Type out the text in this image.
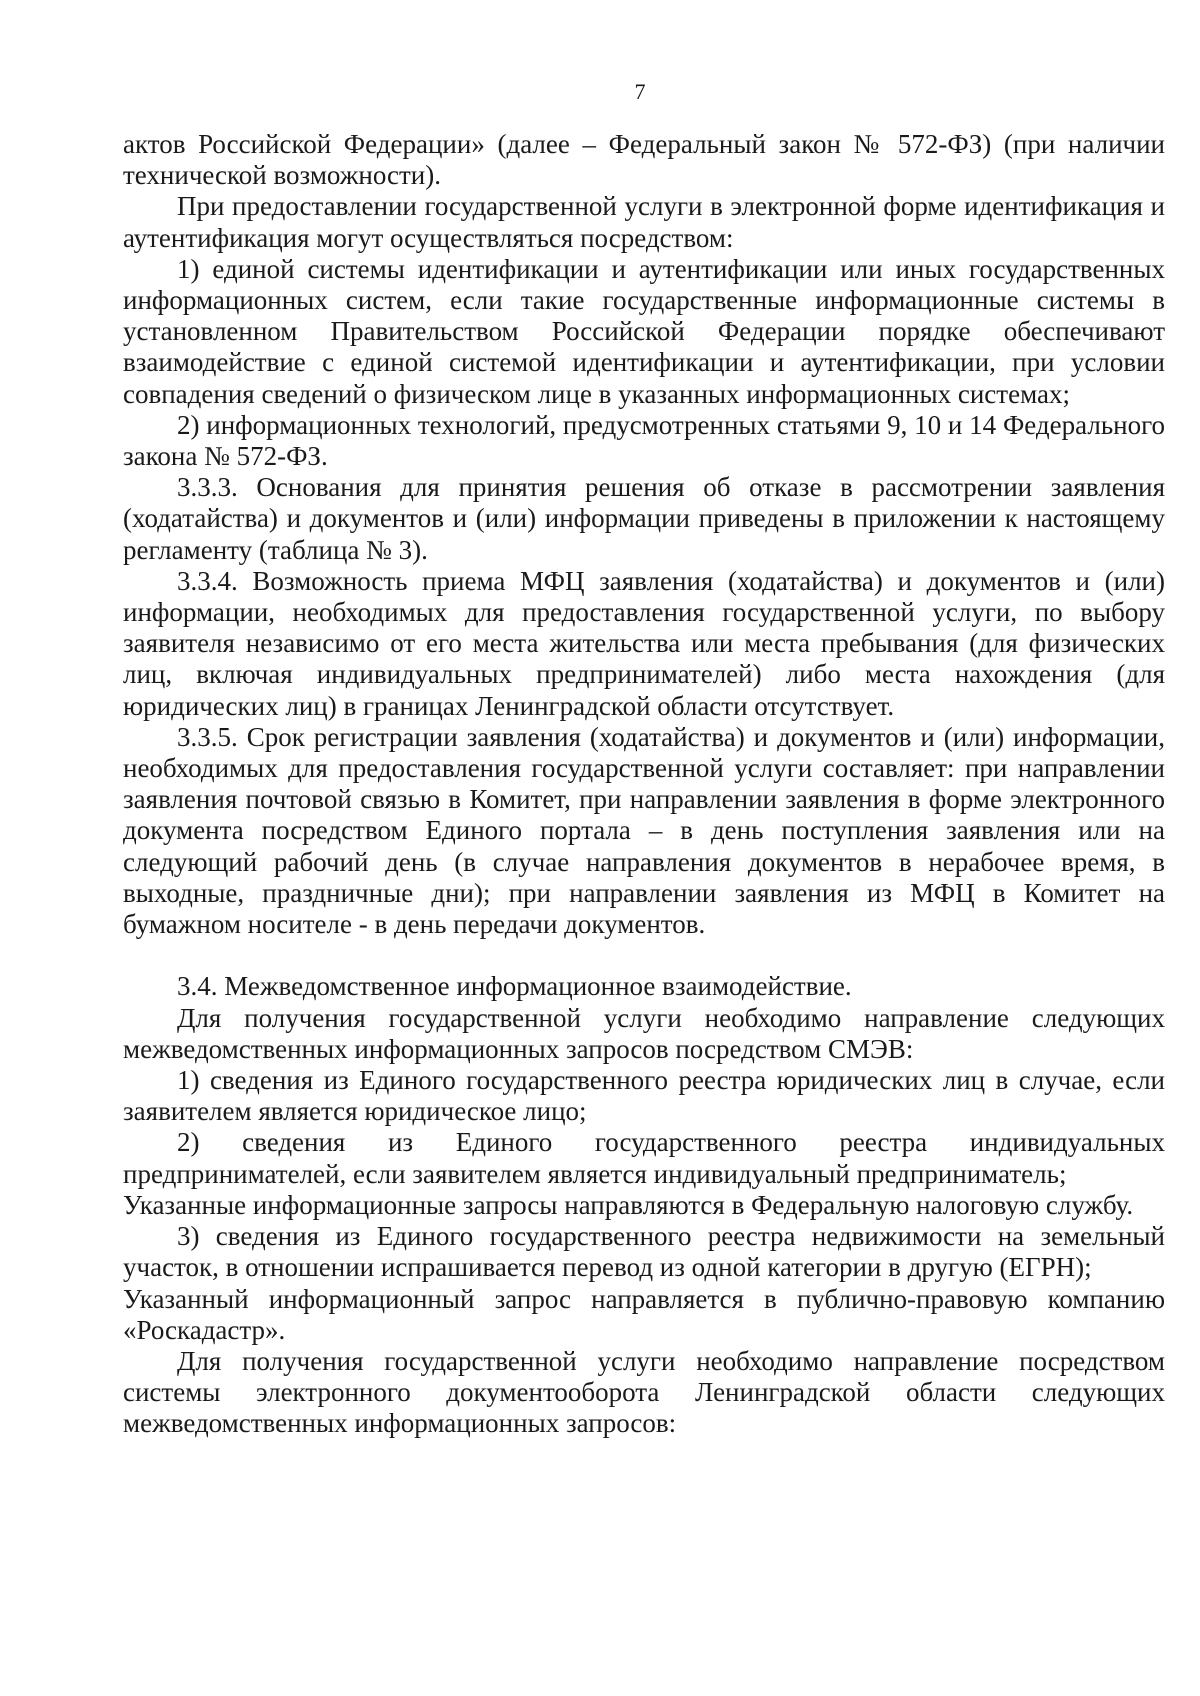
7

актов Российской Федерации» (далее – Федеральный закон № 572-ФЗ) (при наличии технической возможности).

При предоставлении государственной услуги в электронной форме идентификация и аутентификация могут осуществляться посредством:

1) единой системы идентификации и аутентификации или иных государственных информационных систем, если такие государственные информационные системы в установленном Правительством Российской Федерации порядке обеспечивают взаимодействие с единой системой идентификации и аутентификации, при условии совпадения сведений о физическом лице в указанных информационных системах;

2) информационных технологий, предусмотренных статьями 9, 10 и 14 Федерального закона № 572-ФЗ.

3.3.3. Основания для принятия решения об отказе в рассмотрении заявления (ходатайства) и документов и (или) информации приведены в приложении к настоящему регламенту (таблица № 3).

3.3.4. Возможность приема МФЦ заявления (ходатайства) и документов и (или) информации, необходимых для предоставления государственной услуги, по выбору заявителя независимо от его места жительства или места пребывания (для физических лиц, включая индивидуальных предпринимателей) либо места нахождения (для юридических лиц) в границах Ленинградской области отсутствует.

3.3.5. Срок регистрации заявления (ходатайства) и документов и (или) информации, необходимых для предоставления государственной услуги составляет: при направлении заявления почтовой связью в Комитет, при направлении заявления в форме электронного документа посредством Единого портала – в день поступления заявления или на следующий рабочий день (в случае направления документов в нерабочее время, в выходные, праздничные дни); при направлении заявления из МФЦ в Комитет на бумажном носителе - в день передачи документов.

3.4. Межведомственное информационное взаимодействие.

Для получения государственной услуги необходимо направление следующих межведомственных информационных запросов посредством СМЭВ:

1) сведения из Единого государственного реестра юридических лиц в случае, если заявителем является юридическое лицо;

2) сведения из Единого государственного реестра индивидуальных предпринимателей, если заявителем является индивидуальный предприниматель;

Указанные информационные запросы направляются в Федеральную налоговую службу.

3) сведения из Единого государственного реестра недвижимости на земельный участок, в отношении испрашивается перевод из одной категории в другую (ЕГРН);

Указанный информационный запрос направляется в публично-правовую компанию «Роскадастр».

Для получения государственной услуги необходимо направление посредством системы электронного документооборота Ленинградской области следующих межведомственных информационных запросов:
